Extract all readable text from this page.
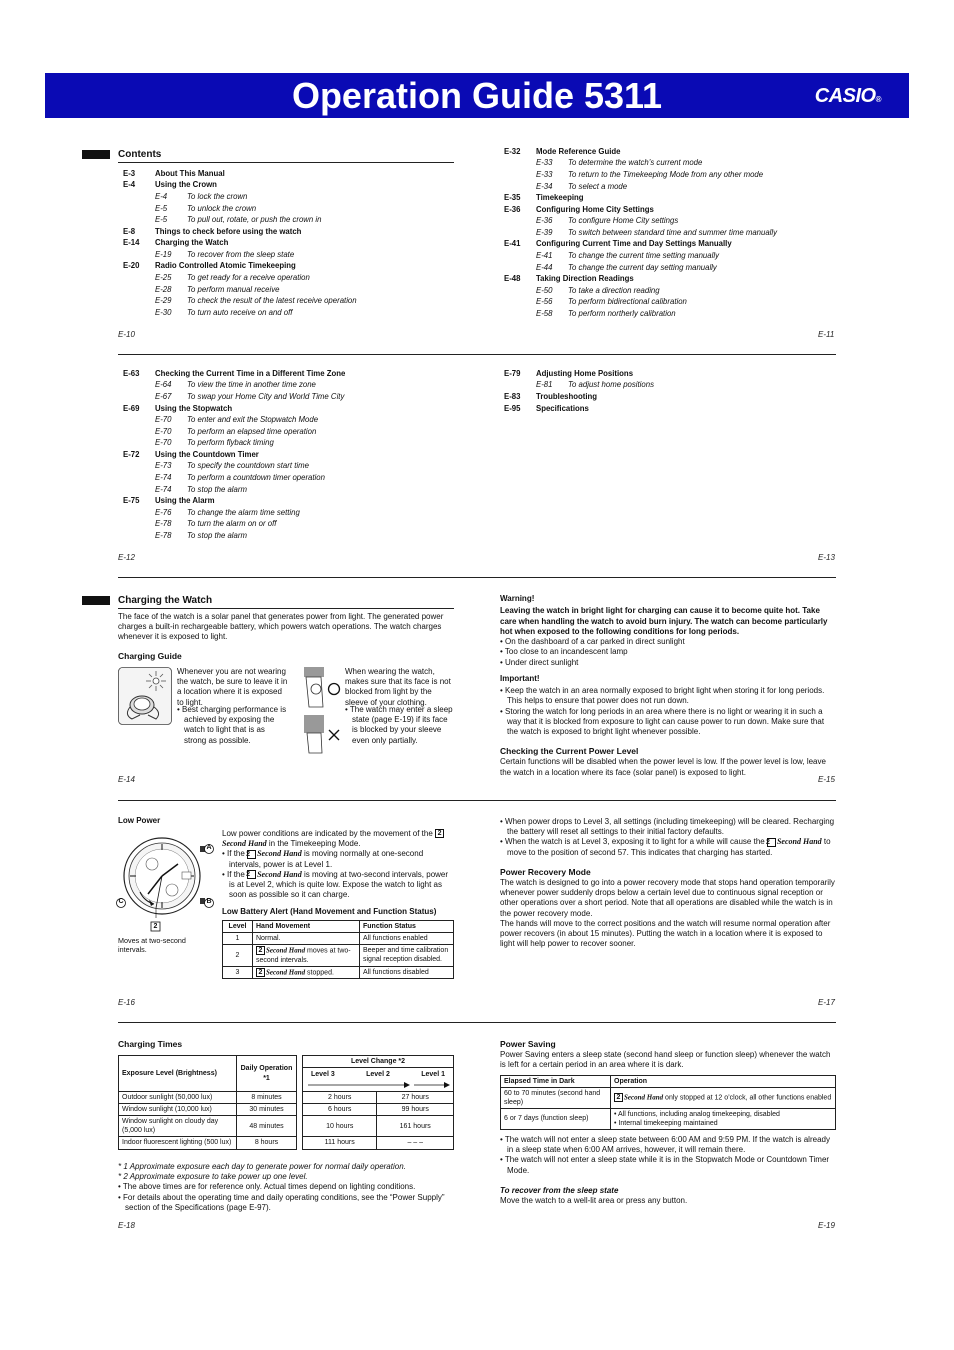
Operation Guide 5311	CASIO®
Contents
E-3	About This Manual
E-4	Using the Crown
E-4	To lock the crown
E-5	To unlock the crown
E-5	To pull out, rotate, or push the crown in
E-8	Things to check before using the watch
E-14	Charging the Watch
E-19 To recover from the sleep state
E-20	Radio Controlled Atomic Timekeeping
E-25 To get ready for a receive operation
E-28 To perform manual receive
E-29 To check the result of the latest receive operation
E-30 To turn auto receive on and off
E-32	Mode Reference Guide
E-33 To determine the watch’s current mode
E-33 To return to the Timekeeping Mode from any other mode
E-34 To select a mode
E-35	Timekeeping
E-36	Configuring Home City Settings
E-36 To configure Home City settings
E-39 To switch between standard time and summer time manually
E-41	Configuring Current Time and Day Settings Manually
E-41 To change the current time setting manually
E-44 To change the current day setting manually
E-48	Taking Direction Readings
E-50 To take a direction reading
E-56 To perform bidirectional calibration
E-58 To perform northerly calibration
E-10	E-11
E-63	Checking the Current Time in a Different Time Zone
E-64 To view the time in another time zone
E-67 To swap your Home City and World Time City
E-69	Using the Stopwatch
E-70 To enter and exit the Stopwatch Mode
E-70 To perform an elapsed time operation
E-70 To perform flyback timing
E-72	Using the Countdown Timer
E-73 To specify the countdown start time
E-74 To perform a countdown timer operation
E-74 To stop the alarm
E-75	Using the Alarm
E-76 To change the alarm time setting
E-78 To turn the alarm on or off
E-78 To stop the alarm
E-79	Adjusting Home Positions
E-81 To adjust home positions
E-83	Troubleshooting
E-95	Specifications
E-12	E-13
Charging the Watch
The face of the watch is a solar panel that generates power from light. The generated power charges a built-in rechargeable battery, which powers watch operations. The watch charges whenever it is exposed to light.
Charging Guide
Whenever you are not wearing the watch, be sure to leave it in a location where it is exposed to light.
• Best charging performance is achieved by exposing the watch to light that is as strong as possible.
When wearing the watch, makes sure that its face is not blocked from light by the sleeve of your clothing.
• The watch may enter a sleep state (page E-19) if its face is blocked by your sleeve even only partially.
E-14
Warning!
Leaving the watch in bright light for charging can cause it to become quite hot. Take care when handling the watch to avoid burn injury. The watch can become particularly hot when exposed to the following conditions for long periods.
• On the dashboard of a car parked in direct sunlight
• Too close to an incandescent lamp
• Under direct sunlight
Important!
• Keep the watch in an area normally exposed to bright light when storing it for long periods. This helps to ensure that power does not run down.
• Storing the watch for long periods in an area where there is no light or wearing it in such a way that it is blocked from exposure to light can cause power to run down. Make sure that the watch is exposed to bright light whenever possible.
Checking the Current Power Level
Certain functions will be disabled when the power level is low. If the power level is low, leave the watch in a location where its face (solar panel) is exposed to light.
E-15
Low Power
A
B
C
2
Moves at two-second intervals.
Low power conditions are indicated by the movement of the 2Second Hand in the Timekeeping Mode.
• If the 2 Second Hand is moving normally at one-second intervals, power is at Level 1.
• If the 2 Second Hand is moving at two-second intervals, power is at Level 2, which is quite low. Expose the watch to light as soon as possible so it can charge.
Low Battery Alert (Hand Movement and Function Status)
Level	Hand Movement	Function Status
1	Normal.	All functions enabled
2	2 Second Hand moves at two-second intervals.	Beeper and time calibration signal reception disabled.
3	2 Second Hand stopped.	All functions disabled
E-16
• When power drops to Level 3, all settings (including timekeeping) will be cleared. Recharging the battery will reset all settings to their initial factory defaults.
• When the watch is at Level 3, exposing it to light for a while will cause the 2 Second Hand to move to the position of second 57. This indicates that charging has started.
Power Recovery Mode
The watch is designed to go into a power recovery mode that stops hand operation temporarily whenever power suddenly drops below a certain level due to continuous signal reception or other operations over a short period. Note that all operations are disabled while the watch is in the power recovery mode.
The hands will move to the correct positions and the watch will resume normal operation after power recovers (in about 15 minutes). Putting the watch in a location where it is exposed to light will help power to recover sooner.
E-17
Charging Times
Exposure Level (Brightness)	Daily Operation *1		Level Change *2	

			Level 3 Level 2 Level 1	

Outdoor sunlight (50,000 lux)	8 minutes		2 hours	27 hours
Window sunlight (10,000 lux)	30 minutes		6 hours	99 hours
Window sunlight on cloudy day (5,000 lux)	48 minutes		10 hours	161 hours
Indoor fluorescent lighting (500 lux)	8 hours		111 hours	– – –
* 1 Approximate exposure each day to generate power for normal daily operation.
* 2 Approximate exposure to take power up one level.
• The above times are for reference only. Actual times depend on lighting conditions.
• For details about the operating time and daily operating conditions, see the “Power Supply” section of the Specifications (page E-97).
E-18
Power Saving
Power Saving enters a sleep state (second hand sleep or function sleep) whenever the watch is left for a certain period in an area where it is dark.
Elapsed Time in Dark	Operation
60 to 70 minutes (second hand sleep)	2 Second Hand only stopped at 12 o’clock, all other functions enabled
6 or 7 days (function sleep)	• All functions, including analog timekeeping, disabled
• Internal timekeeping maintained
• The watch will not enter a sleep state between 6:00 AM and 9:59 PM. If the watch is already in a sleep state when 6:00 AM arrives, however, it will remain there.
• The watch will not enter a sleep state while it is in the Stopwatch Mode or Countdown Timer Mode.
To recover from the sleep state
Move the watch to a well-lit area or press any button.
E-19
